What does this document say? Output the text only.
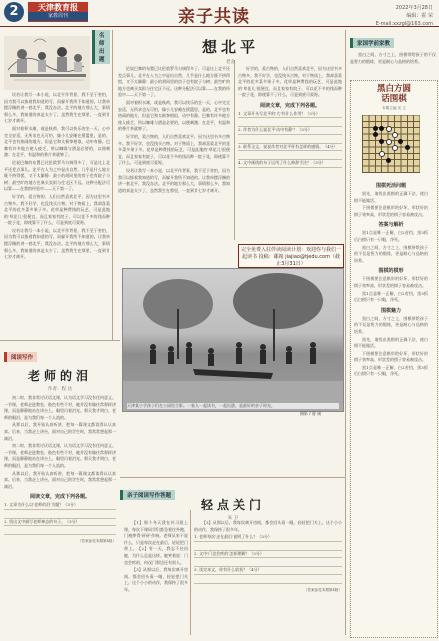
2	天津教育报
家教周刊	亲子共读	2022年3月28日
编辑：霍 荣
E-mail:xxzgl@163.com
名师出题
想北平
老舍

设若让我写一本小说，以北平作背景，我不至于害怕，因为我可以拣着我知道的写，而躲开我所不知道的。让我单摆浮搁的讲一套北平，我没办法。北平的地方那么大，事情那么多，我知道的真是太少了，虽然我生在那里，一直到廿七岁才离开。

面对着积水滩，或是秋荷，我可以快乐的坐一天，心中完全安适，无所求也无可怕，像小儿安睡在摇篮里。是的，北平也有热闹的地方，但是它和太极拳相似，动中有静。巴黎有许多地方使人疲乏，所以咖啡与酒是必要的，以便刺激；在北平，有温和的香片茶就够了。

论说巴黎的布置已比伦敦罗马匀调得多了，可是比上北平还差点事儿。北平在人为之中显出自然，几乎是什么地方既不挤得慌，又不太僻静：最小的胡同里的房子也有院子与树；最空旷的地方也离买卖街与住宅区不远。这种分配法可以算——在我的经验中——天下第一了。

好学的，爱古物的，人们自然喜欢北平，因为这里书多古物多。我不好学，也没钱买古物。对于物质上，我却喜爱北平的花多菜多果子多。花草是种费钱的玩艺，可是此地的'草花儿'很便宜，而且家家有院子，可以花不多的钱而种一院子花，即使算不了什么，可是到底可爱呀。

设若让我写一本小说，以北平作背景，我不至于害怕，因为我可以拣着我知道的写，而躲开我所不知道的。让我单摆浮搁的讲一套北平，我没办法。北平的地方那么大，事情那么多，我知道的真是太少了，虽然我生在那里，一直到廿七岁才离开。

论说巴黎的布置已比伦敦罗马匀调得多了，可是比上北平还差点事儿。北平在人为之中显出自然，几乎是什么地方既不挤得慌，又不太僻静：最小的胡同里的房子也有院子与树；最空旷的地方也离买卖街与住宅区不远。这种分配法可以算——在我的经验中——天下第一了。

面对着积水滩，或是秋荷，我可以快乐的坐一天，心中完全安适，无所求也无可怕，像小儿安睡在摇篮里。是的，北平也有热闹的地方，但是它和太极拳相似，动中有静。巴黎有许多地方使人疲乏，所以咖啡与酒是必要的，以便刺激；在北平，有温和的香片茶就够了。

好学的，爱古物的，人们自然喜欢北平，因为这里书多古物多。我不好学，也没钱买古物。对于物质上，我却喜爱北平的花多菜多果子多。花草是种费钱的玩艺，可是此地的'草花儿'很便宜，而且家家有院子，可以花不多的钱而种一院子花，即使算不了什么，可是到底可爱呀。

设若让我写一本小说，以北平作背景，我不至于害怕，因为我可以拣着我知道的写，而躲开我所不知道的。让我单摆浮搁的讲一套北平，我没办法。北平的地方那么大，事情那么多，我知道的真是太少了，虽然我生在那里，一直到廿七岁才离开。

好学的，爱古物的，人们自然喜欢北平，因为这里书多古物多。我不好学，也没钱买古物。对于物质上，我却喜爱北平的花多菜多果子多。花草是种费钱的玩艺，可是此地的'草花儿'很便宜，而且家家有院子，可以花不多的钱而种一院子花，即使算不了什么，可是到底可爱呀。

阅读文章，完成下列各题。
1. 文章开头写北平的'大'有什么作用？（3分）
2. 作者为什么说北平'动中有静'？（3分）
3. 联系全文，说说作者对北平怀有怎样的感情。（4分）
4. 文中画线的句子运用了什么修辞手法？（3分）
完全免费入驻伴读阅读计划：欢迎你与我们一起读书 投稿：邮箱 jiajiao@tjedu.com（截止3月31日）
阅读写作
老师的泪
作者：程 达

初二时，我非常讨厌语文课，认为语文学习没有任何意义。一节课，老师走进教室，脸色有些不对，她并没有像往常那样讲课，而是静静地站在讲台上，眼里闪着泪光。那天我才明白，老师的眼泪，是为我们每一个人流的。

从那以后，我开始认真听讲，把每一篇课文都读得认认真真。后来，当我走上讲台，面对自己的学生时，我常常想起那一滴泪。

初二时，我非常讨厌语文课，认为语文学习没有任何意义。一节课，老师走进教室，脸色有些不对，她并没有像往常那样讲课，而是静静地站在讲台上，眼里闪着泪光。那天我才明白，老师的眼泪，是为我们每一个人流的。

从那以后，我开始认真听讲，把每一篇课文都读得认认真真。后来，当我走上讲台，面对自己的学生时，我常常想起那一滴泪。

阅读文章，完成下列各题。
1. 文章为什么以'老师的泪'为题？（3分）
2. 找出文中描写老师神态的句子。（3分）
（答案参见本期第4版）
天津某小学孩子们在公园里合影。一家人一起读书，一起出游，是最好的亲子时光。
摄影 / 曹 刚
亲子阅读写作答题
轻点关门
朱 卫

【1】那个冬天我在补习班上课，每次下课同学们都急着往外跑，门被摔得'砰砰'作响。老师从来不说什么，只是每次走在最后，轻轻把门带上。【2】有一天，我忍不住问她，为什么总是这样。她笑着说：门也会疼的，何况门那边还有别人。

【3】从那以后，我每次离开房间，都会回头看一眼，轻轻把门关上。这个小小的动作，我保持了很多年。

【3】从那以后，我每次离开房间，都会回头看一眼，轻轻把门关上。这个小小的动作，我保持了很多年。

1. 老师每次'走在最后'说明了什么？（3分）
2. 文中'门也会疼的'怎样理解？（3分）
3. 读完本文，你有什么收获？（4分）
（答案参见本期第4版）
家国学前家教

黑白之间，方寸之上，围棋带给孩子的不仅是智力的锻炼，更是耐心与品格的培养。

黑白方圆
话围棋
本期主编 吴 文
围棋死活问题

黑先，请找出黑棋的正确下法，使白棋不能做活。

下围棋要注意棋形的好坏，形状好的棋子效率高，形状差的棋子容易被攻击。

答案与解析

黑1点是唯一正解，白2若挡，黑3扳后白棋只有一只眼，净死。

黑白之间，方寸之上，围棋带给孩子的不仅是智力的锻炼，更是耐心与品格的培养。

围棋的棋形

下围棋要注意棋形的好坏，形状好的棋子效率高，形状差的棋子容易被攻击。

黑1点是唯一正解，白2若挡，黑3扳后白棋只有一只眼，净死。

围棋魅力

黑白之间，方寸之上，围棋带给孩子的不仅是智力的锻炼，更是耐心与品格的培养。

黑先，请找出黑棋的正确下法，使白棋不能做活。

下围棋要注意棋形的好坏，形状好的棋子效率高，形状差的棋子容易被攻击。

黑1点是唯一正解，白2若挡，黑3扳后白棋只有一只眼，净死。
